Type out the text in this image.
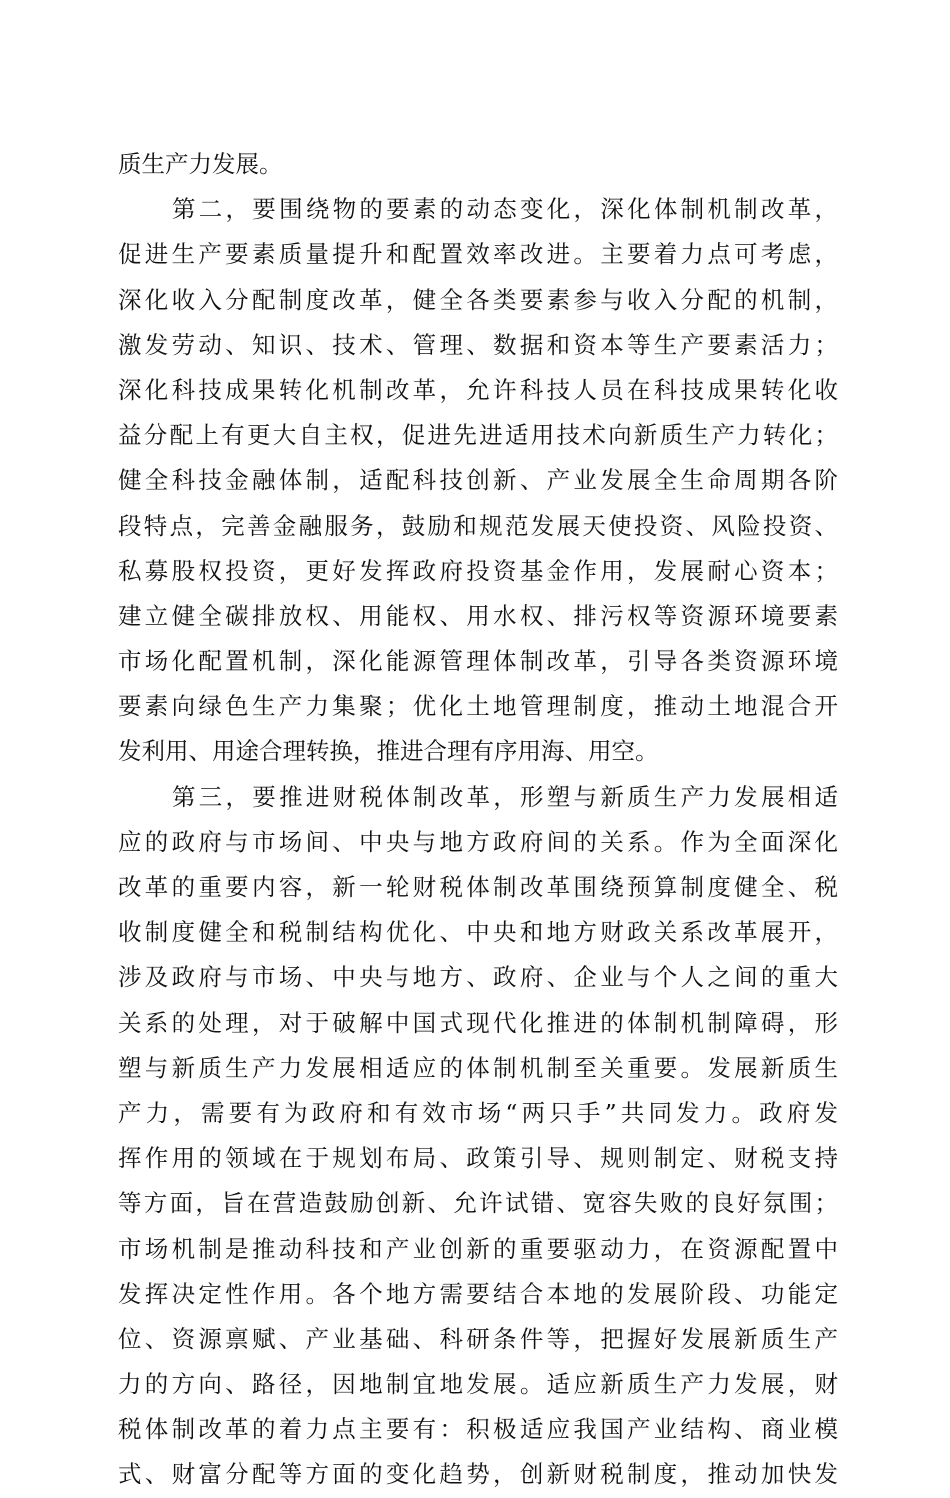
质生产力发展。
第二，要围绕物的要素的动态变化，深化体制机制改革，
促进生产要素质量提升和配置效率改进。主要着力点可考虑，
深化收入分配制度改革，健全各类要素参与收入分配的机制，
激发劳动、知识、技术、管理、数据和资本等生产要素活力；
深化科技成果转化机制改革，允许科技人员在科技成果转化收
益分配上有更大自主权，促进先进适用技术向新质生产力转化；
健全科技金融体制，适配科技创新、产业发展全生命周期各阶
段特点，完善金融服务，鼓励和规范发展天使投资、风险投资、
私募股权投资，更好发挥政府投资基金作用，发展耐心资本；
建立健全碳排放权、用能权、用水权、排污权等资源环境要素
市场化配置机制，深化能源管理体制改革，引导各类资源环境
要素向绿色生产力集聚；优化土地管理制度，推动土地混合开
发利用、用途合理转换，推进合理有序用海、用空。
第三，要推进财税体制改革，形塑与新质生产力发展相适
应的政府与市场间、中央与地方政府间的关系。作为全面深化
改革的重要内容，新一轮财税体制改革围绕预算制度健全、税
收制度健全和税制结构优化、中央和地方财政关系改革展开，
涉及政府与市场、中央与地方、政府、企业与个人之间的重大
关系的处理，对于破解中国式现代化推进的体制机制障碍，形
塑与新质生产力发展相适应的体制机制至关重要。发展新质生
产力，需要有为政府和有效市场“两只手”共同发力。政府发
挥作用的领域在于规划布局、政策引导、规则制定、财税支持
等方面，旨在营造鼓励创新、允许试错、宽容失败的良好氛围；
市场机制是推动科技和产业创新的重要驱动力，在资源配置中
发挥决定性作用。各个地方需要结合本地的发展阶段、功能定
位、资源禀赋、产业基础、科研条件等，把握好发展新质生产
力的方向、路径，因地制宜地发展。适应新质生产力发展，财
税体制改革的着力点主要有：积极适应我国产业结构、商业模
式、财富分配等方面的变化趋势，创新财税制度，推动加快发
